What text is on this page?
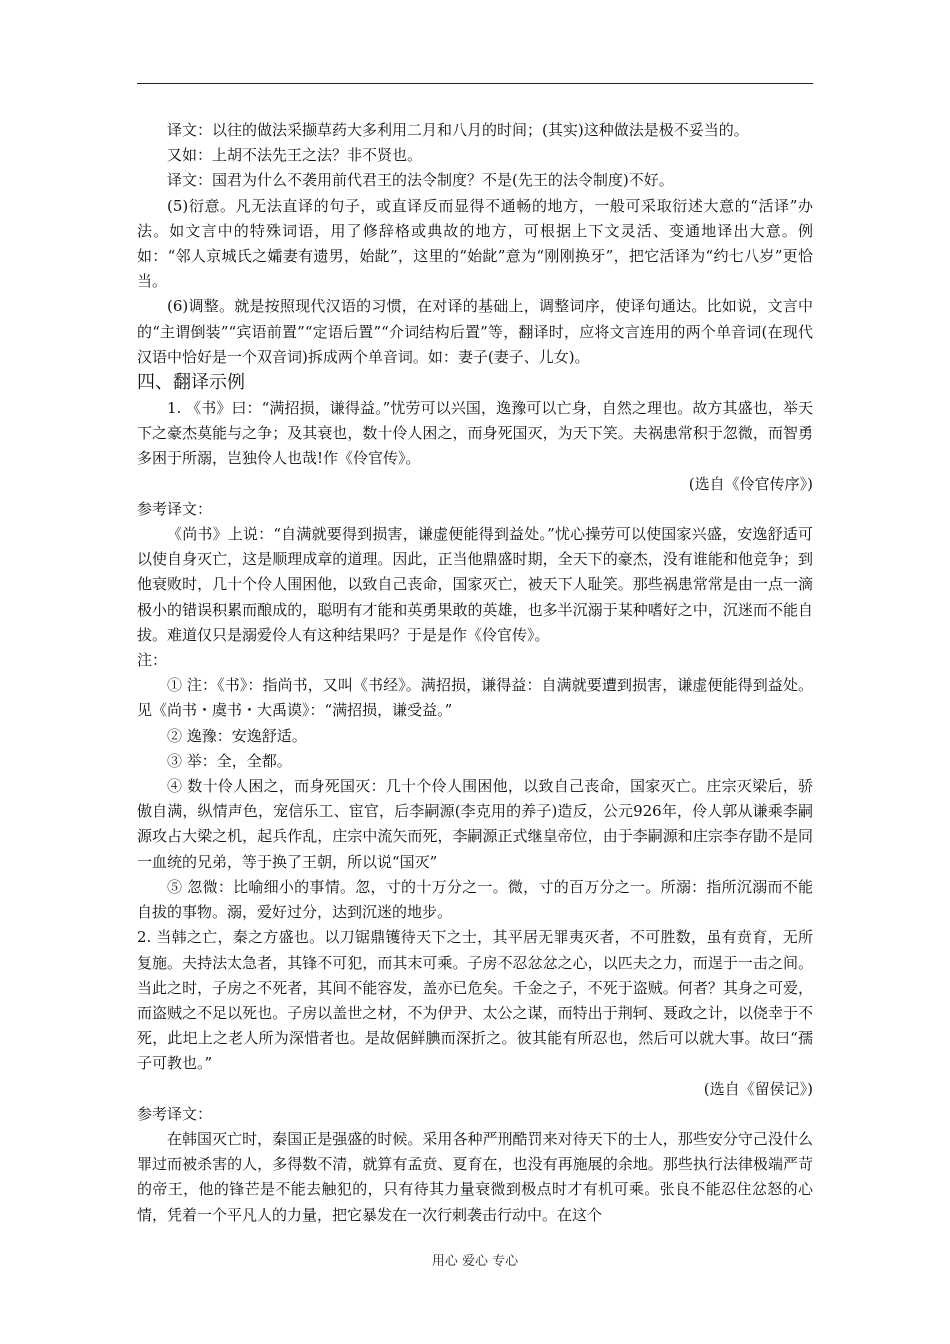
译文：以往的做法采撷草药大多利用二月和八月的时间；(其实)这种做法是极不妥当的。

又如：上胡不法先王之法？非不贤也。

译文：国君为什么不袭用前代君王的法令制度？不是(先王的法令制度)不好。

(5)衍意。凡无法直译的句子，或直译反而显得不通畅的地方，一般可采取衍述大意的“活译”办法。如文言中的特殊词语，用了修辞格或典故的地方，可根据上下文灵活、变通地译出大意。例如：“邻人京城氏之孀妻有遗男，始龀”，这里的“始龀”意为“刚刚换牙”，把它活译为“约七八岁”更恰当。

(6)调整。就是按照现代汉语的习惯，在对译的基础上，调整词序，使译句通达。比如说，文言中的“主谓倒装”“宾语前置”“定语后置”“介词结构后置”等，翻译时，应将文言连用的两个单音词(在现代汉语中恰好是一个双音词)拆成两个单音词。如：妻子(妻子、儿女)。

四、翻译示例

1. 《书》曰：“满招损，谦得益。”忧劳可以兴国，逸豫可以亡身，自然之理也。故方其盛也，举天下之豪杰莫能与之争；及其衰也，数十伶人困之，而身死国灭，为天下笑。夫祸患常积于忽微，而智勇多困于所溺，岂独伶人也哉!作《伶官传》。

(选自《伶官传序》)

参考译文：

《尚书》上说：“自满就要得到损害，谦虚便能得到益处。”忧心操劳可以使国家兴盛，安逸舒适可以使自身灭亡，这是顺理成章的道理。因此，正当他鼎盛时期，全天下的豪杰，没有谁能和他竞争；到他衰败时，几十个伶人围困他，以致自己丧命，国家灭亡，被天下人耻笑。那些祸患常常是由一点一滴极小的错误积累而酿成的，聪明有才能和英勇果敢的英雄，也多半沉溺于某种嗜好之中，沉迷而不能自拔。难道仅只是溺爱伶人有这种结果吗？于是是作《伶官传》。

注：

① 注：《书》：指尚书，又叫《书经》。满招损，谦得益：自满就要遭到损害，谦虚便能得到益处。见《尚书・虞书・大禹谟》：“满招损，谦受益。”

② 逸豫：安逸舒适。

③ 举：全，全都。

④ 数十伶人困之，而身死国灭：几十个伶人围困他，以致自己丧命，国家灭亡。庄宗灭梁后，骄傲自满，纵情声色，宠信乐工、宦官，后李嗣源(李克用的养子)造反，公元926年，伶人郭从谦乘李嗣源攻占大梁之机，起兵作乱，庄宗中流矢而死，李嗣源正式继皇帝位，由于李嗣源和庄宗李存勖不是同一血统的兄弟，等于换了王朝，所以说“国灭”

⑤ 忽微：比喻细小的事情。忽，寸的十万分之一。微，寸的百万分之一。所溺：指所沉溺而不能自拔的事物。溺，爱好过分，达到沉迷的地步。

2. 当韩之亡，秦之方盛也。以刀锯鼎镬待天下之士，其平居无罪夷灭者，不可胜数，虽有贲育，无所复施。夫持法太急者，其锋不可犯，而其末可乘。子房不忍忿忿之心，以匹夫之力，而逞于一击之间。当此之时，子房之不死者，其间不能容发，盖亦已危矣。千金之子，不死于盗贼。何者？其身之可爱，而盗贼之不足以死也。子房以盖世之材，不为伊尹、太公之谋，而特出于荆轲、聂政之计，以侥幸于不死，此圯上之老人所为深惜者也。是故倨鲜腆而深折之。彼其能有所忍也，然后可以就大事。故曰“孺子可教也。”

(选自《留侯记》)

参考译文：

在韩国灭亡时，秦国正是强盛的时候。采用各种严刑酷罚来对待天下的士人，那些安分守己没什么罪过而被杀害的人，多得数不清，就算有孟贲、夏育在，也没有再施展的余地。那些执行法律极端严苛的帝王，他的锋芒是不能去触犯的，只有待其力量衰微到极点时才有机可乘。张良不能忍住忿怒的心情，凭着一个平凡人的力量，把它暴发在一次行刺袭击行动中。在这个

用心 爱心 专心
